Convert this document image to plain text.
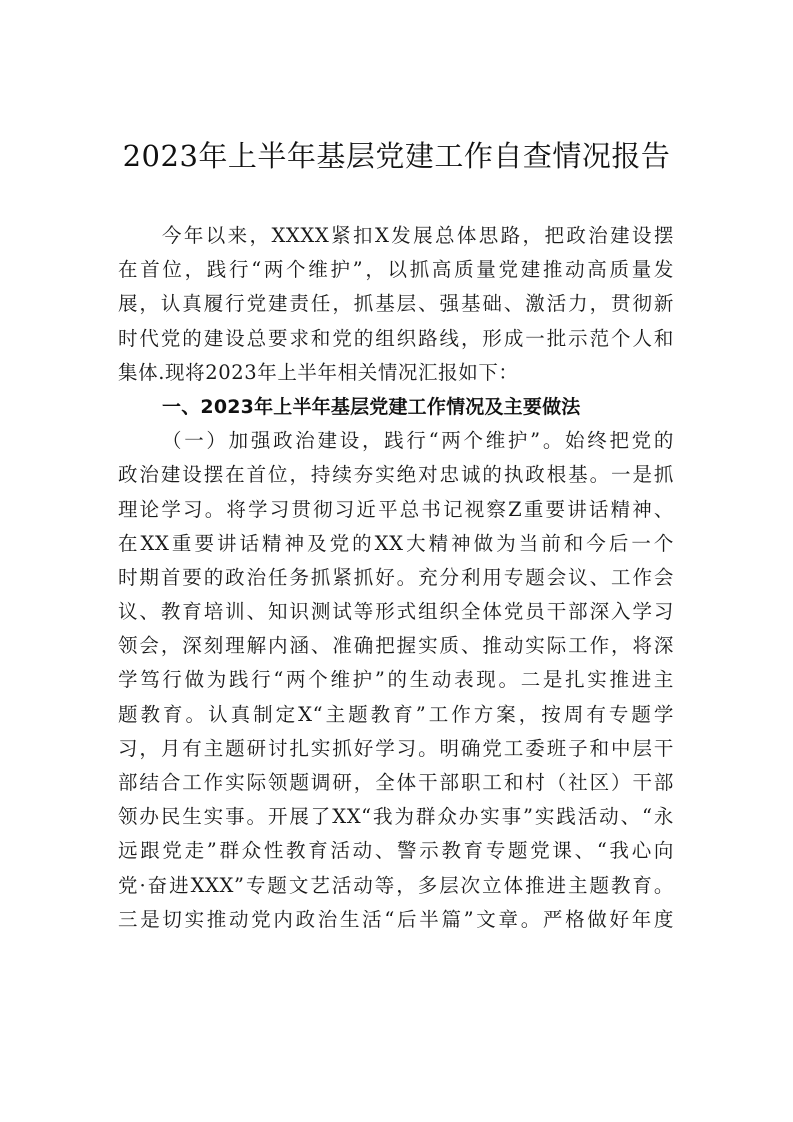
2023年上半年基层党建工作自查情况报告
今年以来，XXXX紧扣X发展总体思路，把政治建设摆
在首位，践行“两个维护”，以抓高质量党建推动高质量发
展，认真履行党建责任，抓基层、强基础、激活力，贯彻新
时代党的建设总要求和党的组织路线，形成一批示范个人和
集体.现将2023年上半年相关情况汇报如下：
一、2023年上半年基层党建工作情况及主要做法
（一）加强政治建设，践行“两个维护”。始终把党的
政治建设摆在首位，持续夯实绝对忠诚的执政根基。一是抓
理论学习。将学习贯彻习近平总书记视察Z重要讲话精神、
在XX重要讲话精神及党的XX大精神做为当前和今后一个
时期首要的政治任务抓紧抓好。充分利用专题会议、工作会
议、教育培训、知识测试等形式组织全体党员干部深入学习
领会，深刻理解内涵、准确把握实质、推动实际工作，将深
学笃行做为践行“两个维护”的生动表现。二是扎实推进主
题教育。认真制定X“主题教育”工作方案，按周有专题学
习，月有主题研讨扎实抓好学习。明确党工委班子和中层干
部结合工作实际领题调研，全体干部职工和村（社区）干部
领办民生实事。开展了XX“我为群众办实事”实践活动、“永
远跟党走”群众性教育活动、警示教育专题党课、“我心向
党·奋进XXX”专题文艺活动等，多层次立体推进主题教育。
三是切实推动党内政治生活“后半篇”文章。严格做好年度
